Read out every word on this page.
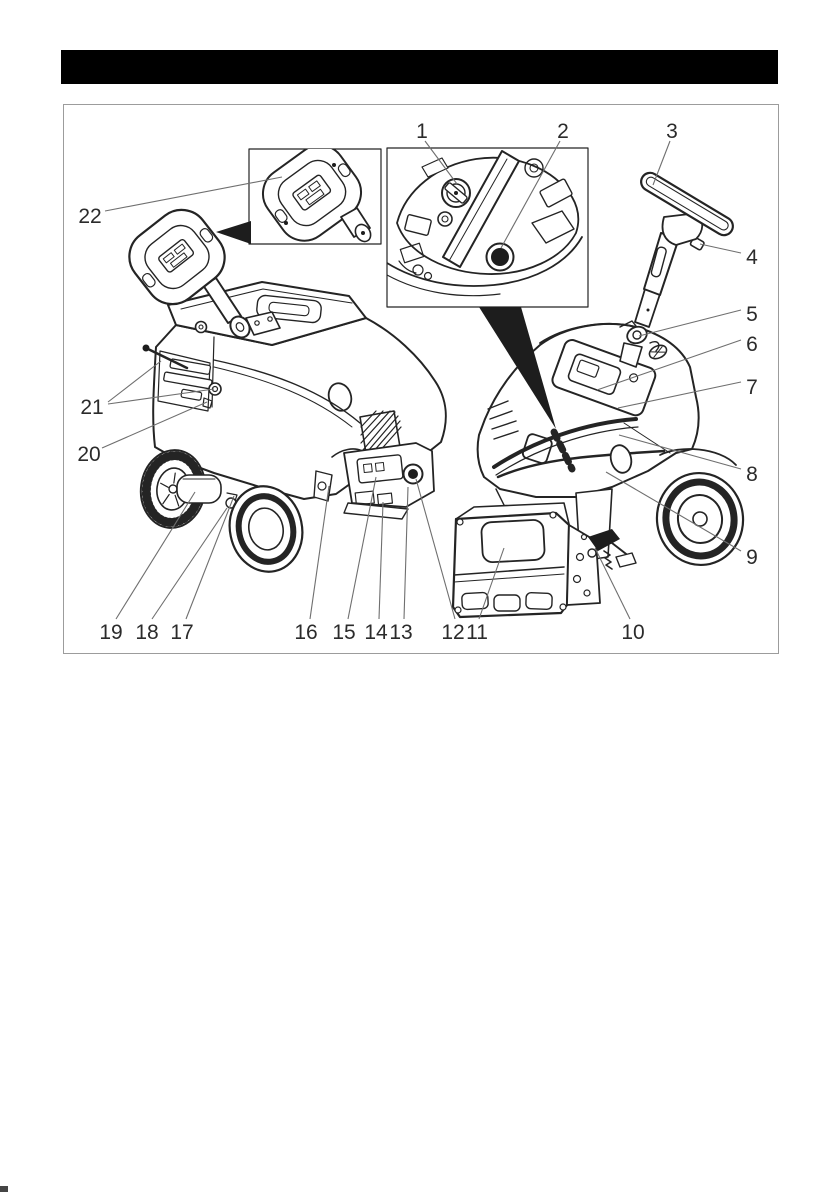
1	2	3
4
5
6
7
8
9
10
11
12
13
14
15
16
17
18
19
20
21
22
